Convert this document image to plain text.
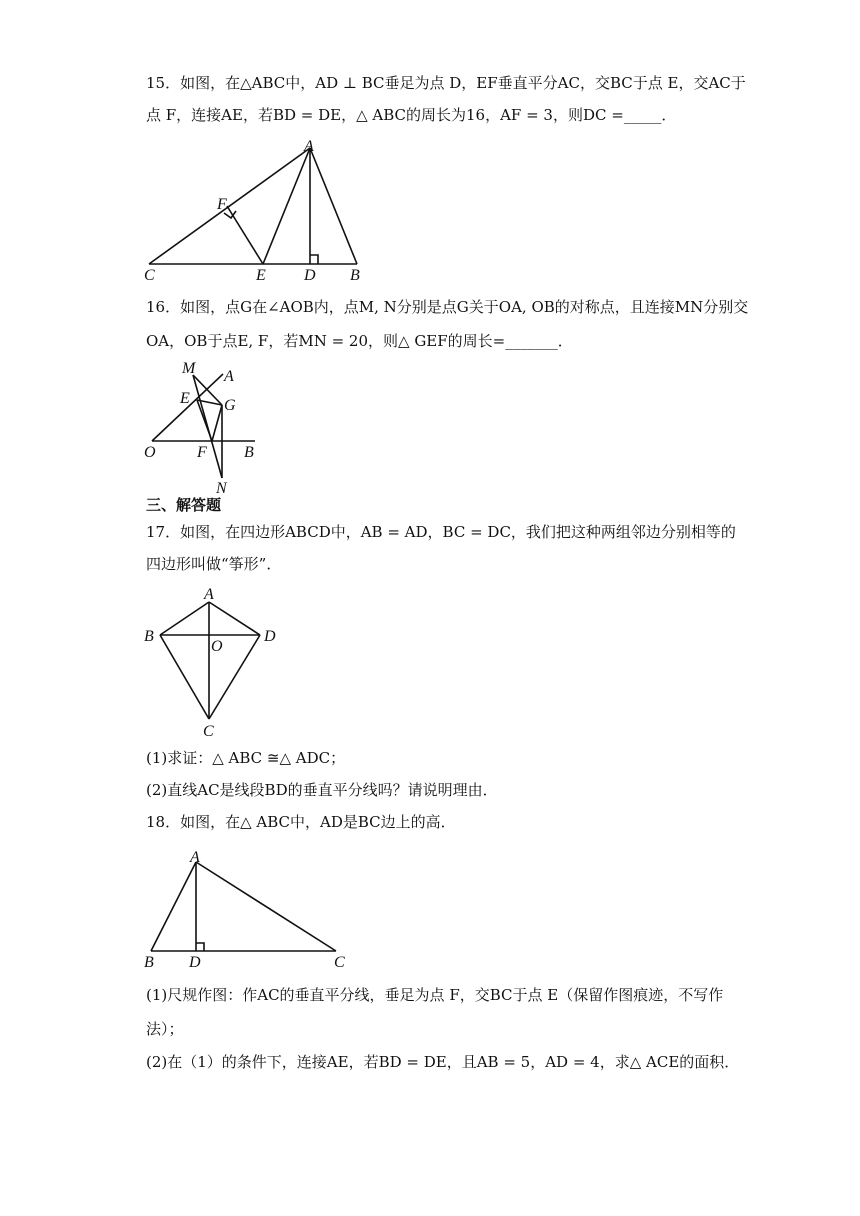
15．如图，在△ABC中，AD ⊥ BC垂足为点 D，EF垂直平分AC，交BC于点 E，交AC于
点 F，连接AE，若BD = DE，△ ABC的周长为16，AF = 3，则DC =_____．
A
F
C	E D B
16．如图，点G在∠AOB内，点M, N分别是点G关于OA, OB的对称点，且连接MN分别交
OA，OB于点E, F，若MN = 20，则△ GEF的周长=_______．
M A
E G
O	F B
N
三、解答题
17．如图，在四边形ABCD中，AB = AD，BC = DC，我们把这种两组邻边分别相等的
四边形叫做“筝形”．
A
B	D
O
C
(1)求证：△ ABC ≅△ ADC；
(2)直线AC是线段BD的垂直平分线吗？请说明理由．
18．如图，在△ ABC中，AD是BC边上的高．
A
B D	C
(1)尺规作图：作AC的垂直平分线，垂足为点 F，交BC于点 E（保留作图痕迹，不写作
法）；
(2)在（1）的条件下，连接AE，若BD = DE，且AB = 5，AD = 4，求△ ACE的面积．
